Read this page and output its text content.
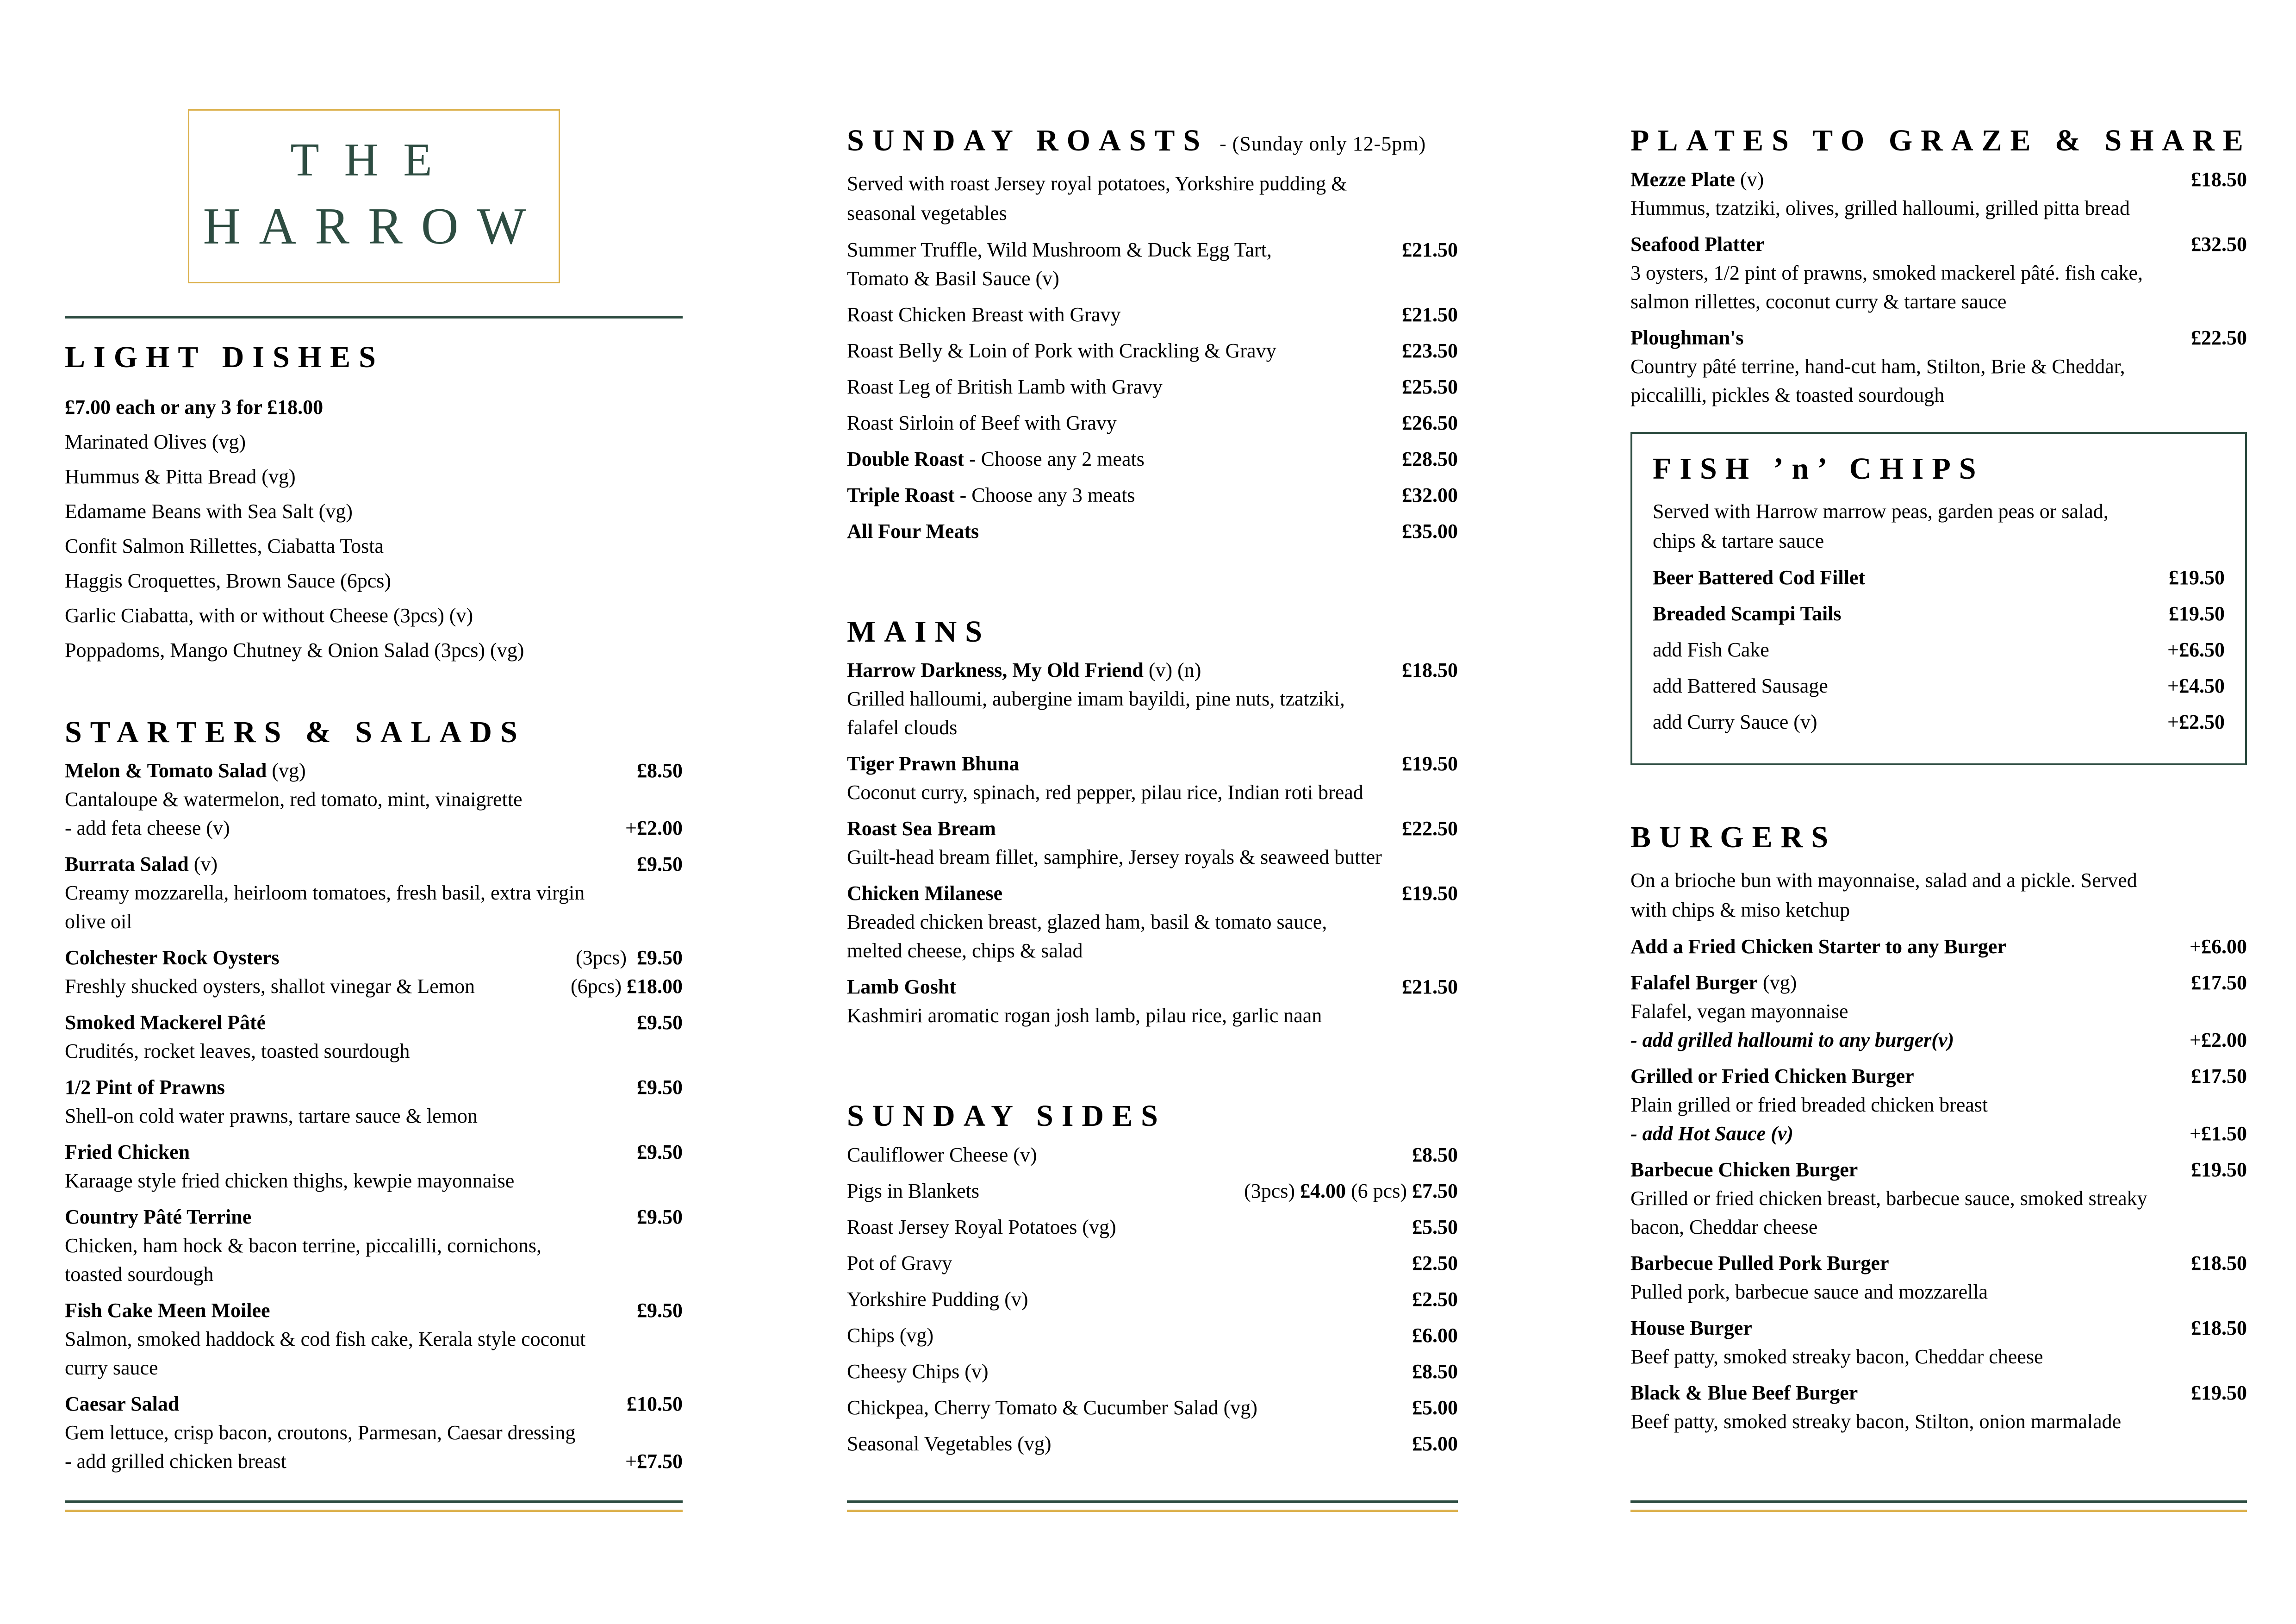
THE
HARROW
LIGHT DISHES
£7.00 each or any 3 for £18.00
Marinated Olives (vg)
Hummus & Pitta Bread (vg)
Edamame Beans with Sea Salt (vg)
Confit Salmon Rillettes, Ciabatta Tosta
Haggis Croquettes, Brown Sauce (6pcs)
Garlic Ciabatta, with or without Cheese (3pcs) (v)
Poppadoms, Mango Chutney & Onion Salad (3pcs) (vg)
STARTERS & SALADS
Melon & Tomato Salad (vg)	£8.50
Cantaloupe & watermelon, red tomato, mint, vinaigrette
- add feta cheese (v)	+£2.00
Burrata Salad (v)	£9.50
Creamy mozzarella, heirloom tomatoes, fresh basil, extra virgin
olive oil
Colchester Rock Oysters	(3pcs) £9.50
Freshly shucked oysters, shallot vinegar & Lemon	(6pcs) £18.00
Smoked Mackerel Pâté	£9.50
Crudités, rocket leaves, toasted sourdough
1/2 Pint of Prawns	£9.50
Shell-on cold water prawns, tartare sauce & lemon
Fried Chicken	£9.50
Karaage style fried chicken thighs, kewpie mayonnaise
Country Pâté Terrine	£9.50
Chicken, ham hock & bacon terrine, piccalilli, cornichons,
toasted sourdough
Fish Cake Meen Moilee	£9.50
Salmon, smoked haddock & cod fish cake, Kerala style coconut
curry sauce
Caesar Salad	£10.50
Gem lettuce, crisp bacon, croutons, Parmesan, Caesar dressing
- add grilled chicken breast	+£7.50
SUNDAY ROASTS - (Sunday only 12-5pm)
Served with roast Jersey royal potatoes, Yorkshire pudding &
seasonal vegetables
Summer Truffle, Wild Mushroom & Duck Egg Tart,	£21.50
Tomato & Basil Sauce (v)
Roast Chicken Breast with Gravy	£21.50
Roast Belly & Loin of Pork with Crackling & Gravy	£23.50
Roast Leg of British Lamb with Gravy	£25.50
Roast Sirloin of Beef with Gravy	£26.50
Double Roast - Choose any 2 meats	£28.50
Triple Roast - Choose any 3 meats	£32.00
All Four Meats	£35.00
MAINS
Harrow Darkness, My Old Friend (v) (n)	£18.50
Grilled halloumi, aubergine imam bayildi, pine nuts, tzatziki,
falafel clouds
Tiger Prawn Bhuna	£19.50
Coconut curry, spinach, red pepper, pilau rice, Indian roti bread
Roast Sea Bream	£22.50
Guilt-head bream fillet, samphire, Jersey royals & seaweed butter
Chicken Milanese	£19.50
Breaded chicken breast, glazed ham, basil & tomato sauce,
melted cheese, chips & salad
Lamb Gosht	£21.50
Kashmiri aromatic rogan josh lamb, pilau rice, garlic naan
SUNDAY SIDES
Cauliflower Cheese (v)	£8.50
Pigs in Blankets	(3pcs) £4.00 (6 pcs) £7.50
Roast Jersey Royal Potatoes (vg)	£5.50
Pot of Gravy	£2.50
Yorkshire Pudding (v)	£2.50
Chips (vg)	£6.00
Cheesy Chips (v)	£8.50
Chickpea, Cherry Tomato & Cucumber Salad (vg)	£5.00
Seasonal Vegetables (vg)	£5.00
PLATES TO GRAZE & SHARE
Mezze Plate (v)	£18.50
Hummus, tzatziki, olives, grilled halloumi, grilled pitta bread
Seafood Platter	£32.50
3 oysters, 1/2 pint of prawns, smoked mackerel pâté. fish cake,
salmon rillettes, coconut curry & tartare sauce
Ploughman's	£22.50
Country pâté terrine, hand-cut ham, Stilton, Brie & Cheddar,
piccalilli, pickles & toasted sourdough
FISH ’n’ CHIPS
Served with Harrow marrow peas, garden peas or salad,
chips & tartare sauce
Beer Battered Cod Fillet	£19.50
Breaded Scampi Tails	£19.50
add Fish Cake	+£6.50
add Battered Sausage	+£4.50
add Curry Sauce (v)	+£2.50
BURGERS
On a brioche bun with mayonnaise, salad and a pickle. Served
with chips & miso ketchup
Add a Fried Chicken Starter to any Burger	+£6.00
Falafel Burger (vg)	£17.50
Falafel, vegan mayonnaise
- add grilled halloumi to any burger(v)	+£2.00
Grilled or Fried Chicken Burger	£17.50
Plain grilled or fried breaded chicken breast
- add Hot Sauce (v)	+£1.50
Barbecue Chicken Burger	£19.50
Grilled or fried chicken breast, barbecue sauce, smoked streaky
bacon, Cheddar cheese
Barbecue Pulled Pork Burger	£18.50
Pulled pork, barbecue sauce and mozzarella
House Burger	£18.50
Beef patty, smoked streaky bacon, Cheddar cheese
Black & Blue Beef Burger	£19.50
Beef patty, smoked streaky bacon, Stilton, onion marmalade
